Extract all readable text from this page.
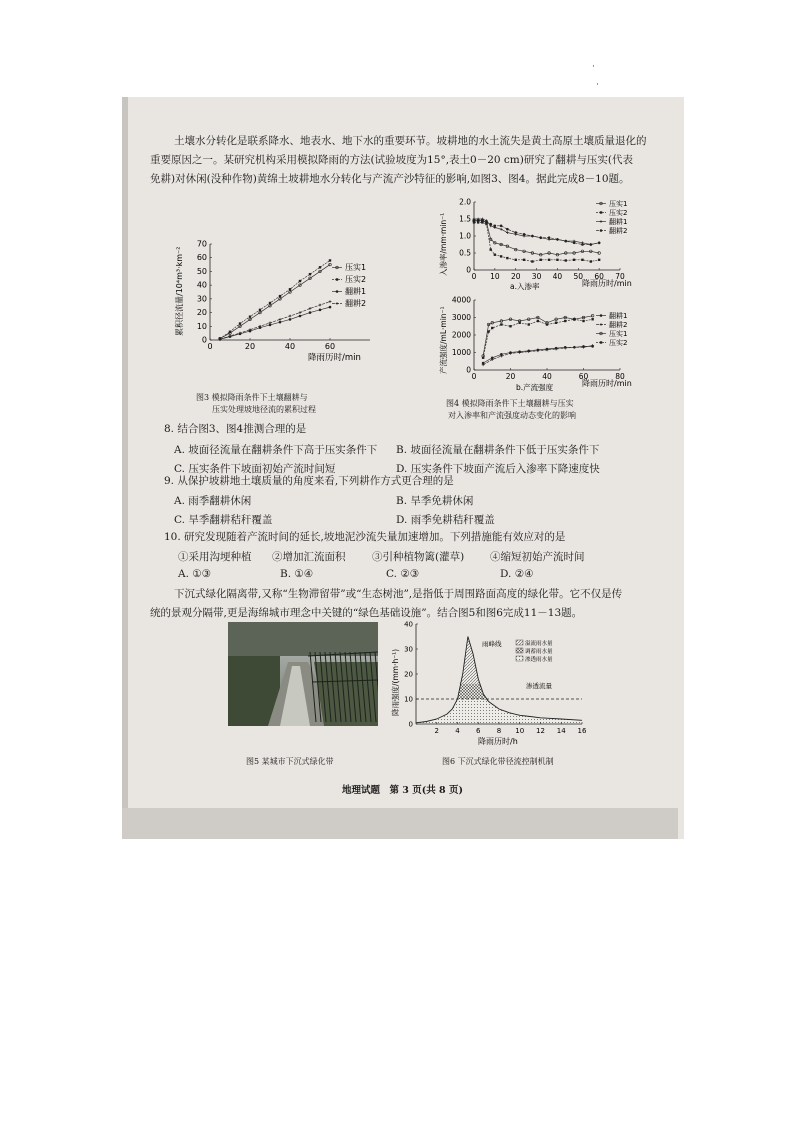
·
·
土壤水分转化是联系降水、地表水、地下水的重要环节。坡耕地的水土流失是黄土高原土壤质量退化的
重要原因之一。某研究机构采用模拟降雨的方法(试验坡度为15°,表土0－20 cm)研究了翻耕与压实(代表
免耕)对休闲(没种作物)黄绵土坡耕地水分转化与产流产沙特征的影响,如图3、图4。据此完成8－10题。
0
10
20
30
40
50
60
70
0	20	40	60
压实1
压实2
翻耕1
翻耕2
降雨历时/min
累积径流量/10⁴m³·km⁻²
图3 模拟降雨条件下土壤翻耕与
压实处理坡地径流的累积过程
0
0.5
1.0
1.5
2.0
0 10 20 30 40 50 60 70
压实1
压实2
翻耕1
翻耕2
降雨历时/min
a.入渗率
入渗率/mm·min⁻¹
0
1000
2000
3000
4000
0	20	40	60	80
翻耕1
翻耕2
压实1
压实2
降雨历时/min
b.产流强度
产流强度/mL·min⁻¹
图4 模拟降雨条件下土壤翻耕与压实
对入渗率和产流强度动态变化的影响
8. 结合图3、图4推测合理的是
A. 坡面径流量在翻耕条件下高于压实条件下 B. 坡面径流量在翻耕条件下低于压实条件下
C. 压实条件下坡面初始产流时间短	D. 压实条件下坡面产流后入渗率下降速度快
9. 从保护坡耕地土壤质量的角度来看,下列耕作方式更合理的是
A. 雨季翻耕休闲	B. 旱季免耕休闲
C. 旱季翻耕秸秆覆盖	D. 雨季免耕秸秆覆盖
10. 研究发现随着产流时间的延长,坡地泥沙流失量加速增加。下列措施能有效应对的是
①采用沟埂种植 ②增加汇流面积	③引种植物篱(灌草) ④缩短初始产流时间
A. ①③	B. ①④	C. ②③	D. ②④
下沉式绿化隔离带,又称“生物滞留带”或“生态树池”,是指低于周围路面高度的绿化带。它不仅是传
统的景观分隔带,更是海绵城市理念中关键的“绿色基础设施”。结合图5和图6完成11－13题。
图5 某城市下沉式绿化带
0
10
20
30
40
2 4 6 8 10 12 14 16
降雨历时/h
降雨强度/(mm·h⁻¹)
雨峰线
渗透流量
溢流雨水量
调蓄雨水量
渗透雨水量
图6 下沉式绿化带径流控制机制
地理试题　第 3 页(共 8 页)
